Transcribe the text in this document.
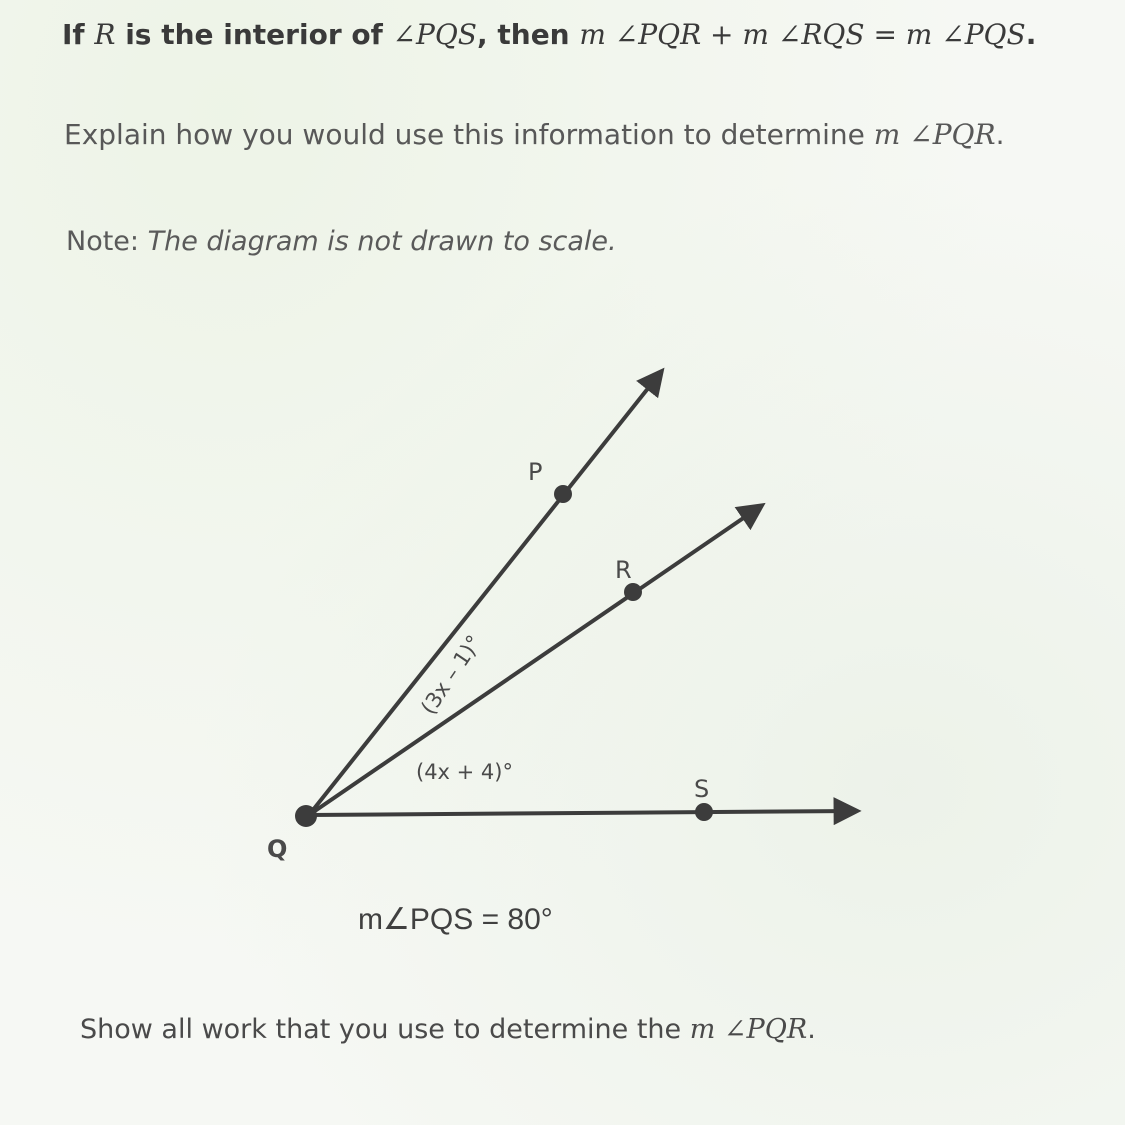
If R is the interior of ∠PQS, then m ∠PQR + m ∠RQS = m ∠PQS.
Explain how you would use this information to determine m ∠PQR.
Note: The diagram is not drawn to scale.
P
R
S
Q
(3x – 1)°
(4x + 4)°
m∠PQS = 80°
Show all work that you use to determine the m ∠PQR.
